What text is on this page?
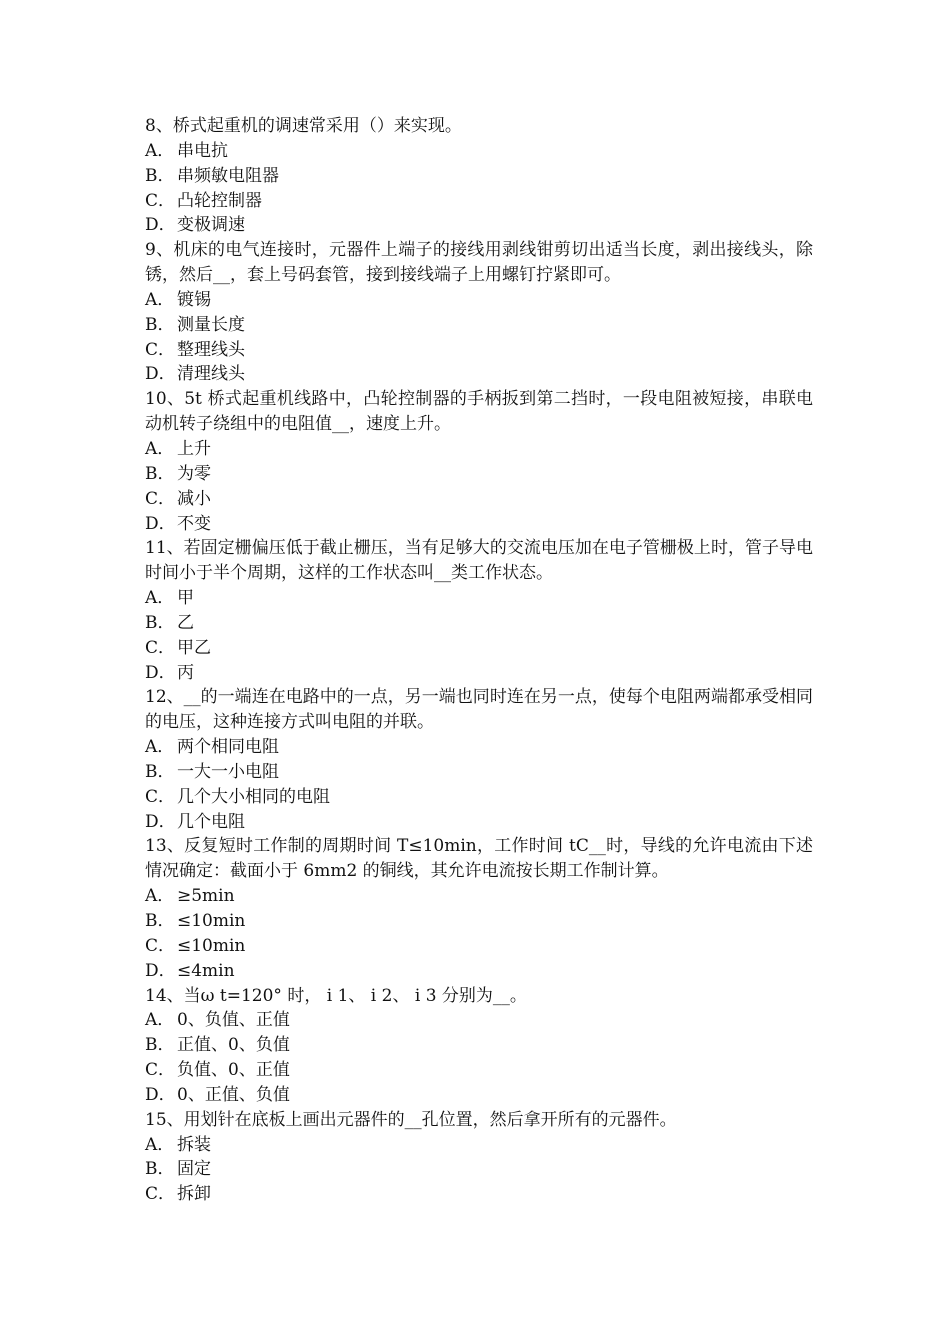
8、桥式起重机的调速常采用（）来实现。
A． 串电抗
B． 串频敏电阻器
C． 凸轮控制器
D．变极调速
9、机床的电气连接时，元器件上端子的接线用剥线钳剪切出适当长度，剥出接线头，除锈，然后__，套上号码套管，接到接线端子上用螺钉拧紧即可。
A． 镀锡
B． 测量长度
C． 整理线头
D．清理线头
10、5t 桥式起重机线路中，凸轮控制器的手柄扳到第二挡时，一段电阻被短接，串联电动机转子绕组中的电阻值__，速度上升。
A． 上升
B． 为零
C． 减小
D．不变
11、若固定栅偏压低于截止栅压，当有足够大的交流电压加在电子管栅极上时，管子导电时间小于半个周期，这样的工作状态叫__类工作状态。
A． 甲
B． 乙
C． 甲乙
D．丙
12、__的一端连在电路中的一点，另一端也同时连在另一点，使每个电阻两端都承受相同的电压，这种连接方式叫电阻的并联。
A． 两个相同电阻
B． 一大一小电阻
C． 几个大小相同的电阻
D．几个电阻
13、反复短时工作制的周期时间 T≤10min，工作时间 tC__时，导线的允许电流由下述情况确定：截面小于 6mm2 的铜线，其允许电流按长期工作制计算。
A． ≥5min
B． ≤10min
C． ≤10min
D．≤4min
14、当ω t=120° 时， i 1、 i 2、 i 3 分别为__。
A． 0、负值、正值
B． 正值、0、负值
C． 负值、0、正值
D．0、正值、负值
15、用划针在底板上画出元器件的__孔位置，然后拿开所有的元器件。
A． 拆装
B． 固定
C． 拆卸
